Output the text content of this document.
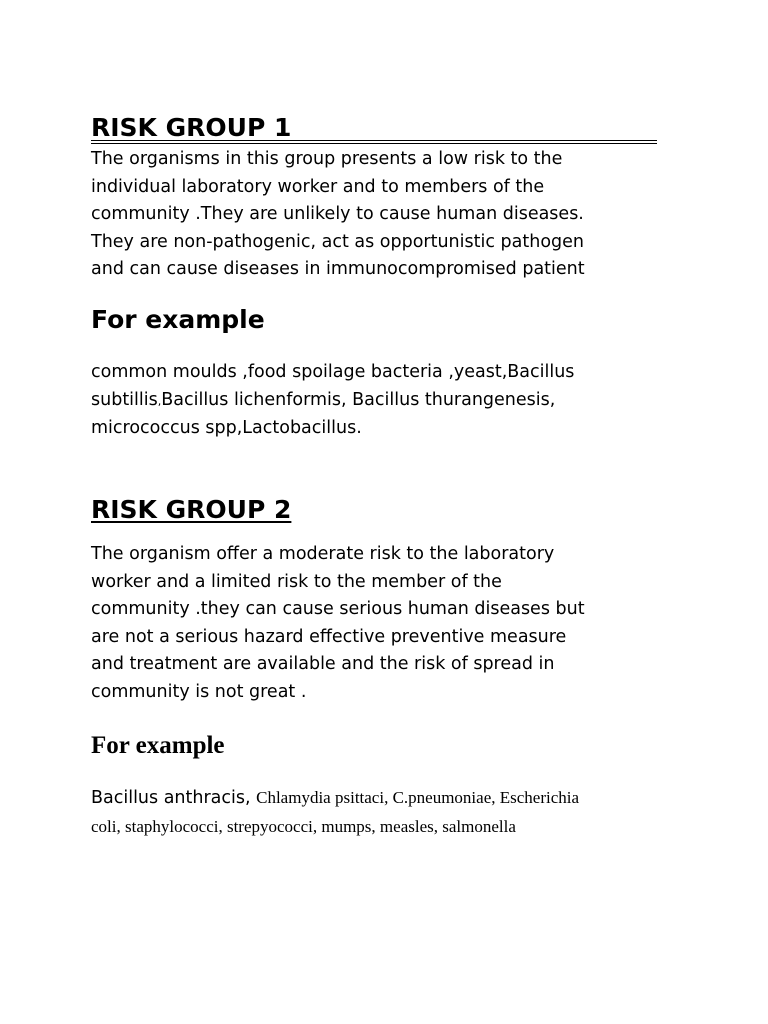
RISK GROUP 1

The organisms in this group presents a low risk to the
individual laboratory worker and to members of the
community .They are unlikely to cause human diseases.
They are non-pathogenic, act as opportunistic pathogen
and can cause diseases in immunocompromised patient

For example

common moulds ,food spoilage bacteria ,yeast,Bacillus
subtillis,Bacillus lichenformis, Bacillus thurangenesis,
micrococcus spp,Lactobacillus.

RISK GROUP 2

The organism offer a moderate risk to the laboratory
worker and a limited risk to the member of the
community .they can cause serious human diseases but
are not a serious hazard effective preventive measure
and treatment are available and the risk of spread in
community is not great .

For example

Bacillus anthracis, Chlamydia psittaci, C.pneumoniae, Escherichia
coli, staphylococci, strepyococci, mumps, measles, salmonella
